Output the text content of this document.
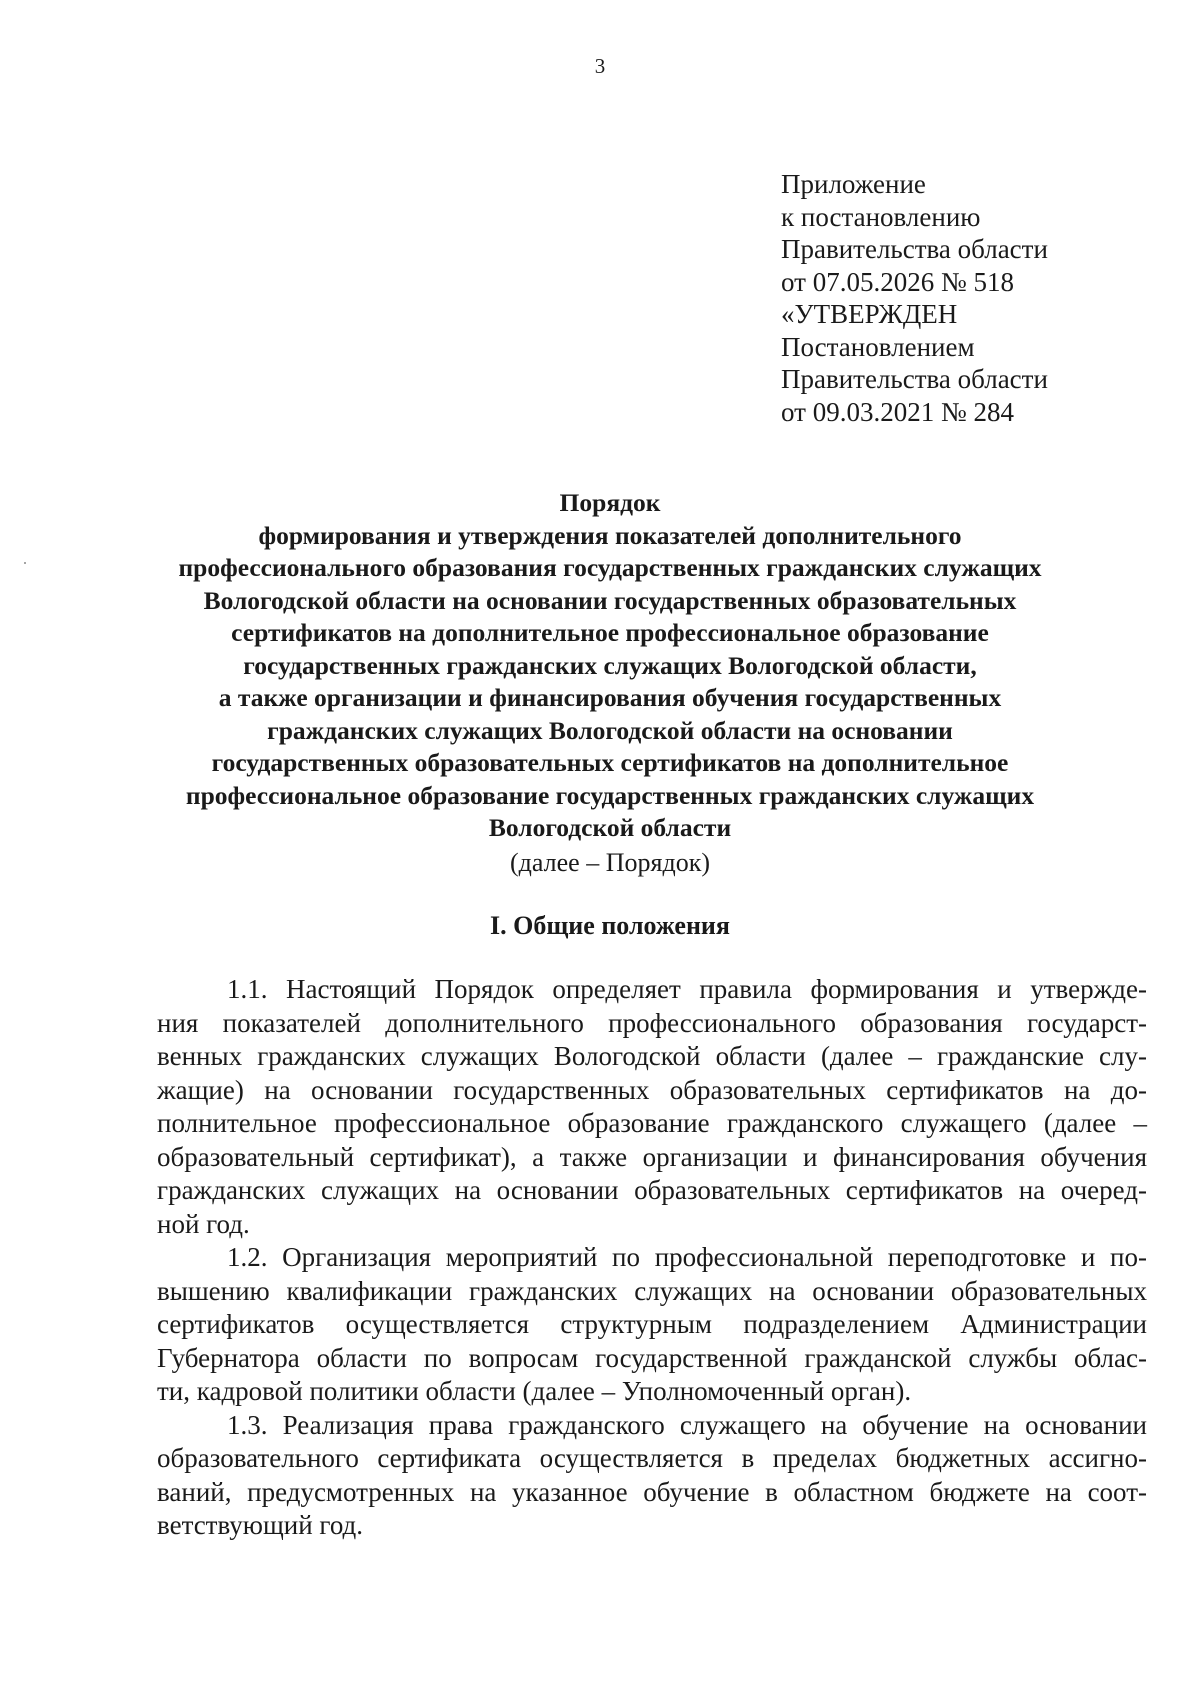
3
Приложение
к постановлению
Правительства области
от 07.05.2026 № 518
«УТВЕРЖДЕН
Постановлением
Правительства области
от 09.03.2021 № 284
Порядок
формирования и утверждения показателей дополнительного
профессионального образования государственных гражданских служащих
Вологодской области на основании государственных образовательных
сертификатов на дополнительное профессиональное образование
государственных гражданских служащих Вологодской области,
а также организации и финансирования обучения государственных
гражданских служащих Вологодской области на основании
государственных образовательных сертификатов на дополнительное
профессиональное образование государственных гражданских служащих
Вологодской области
(далее – Порядок)
I. Общие положения
1.1. Настоящий Порядок определяет правила формирования и утвержде-
ния показателей дополнительного профессионального образования государст-
венных гражданских служащих Вологодской области (далее – гражданские слу-
жащие) на основании государственных образовательных сертификатов на до-
полнительное профессиональное образование гражданского служащего (далее –
образовательный сертификат), а также организации и финансирования обучения
гражданских служащих на основании образовательных сертификатов на очеред-
ной год.
1.2. Организация мероприятий по профессиональной переподготовке и по-
вышению квалификации гражданских служащих на основании образовательных
сертификатов осуществляется структурным подразделением Администрации
Губернатора области по вопросам государственной гражданской службы облас-
ти, кадровой политики области (далее – Уполномоченный орган).
1.3. Реализация права гражданского служащего на обучение на основании
образовательного сертификата осуществляется в пределах бюджетных ассигно-
ваний, предусмотренных на указанное обучение в областном бюджете на соот-
ветствующий год.
